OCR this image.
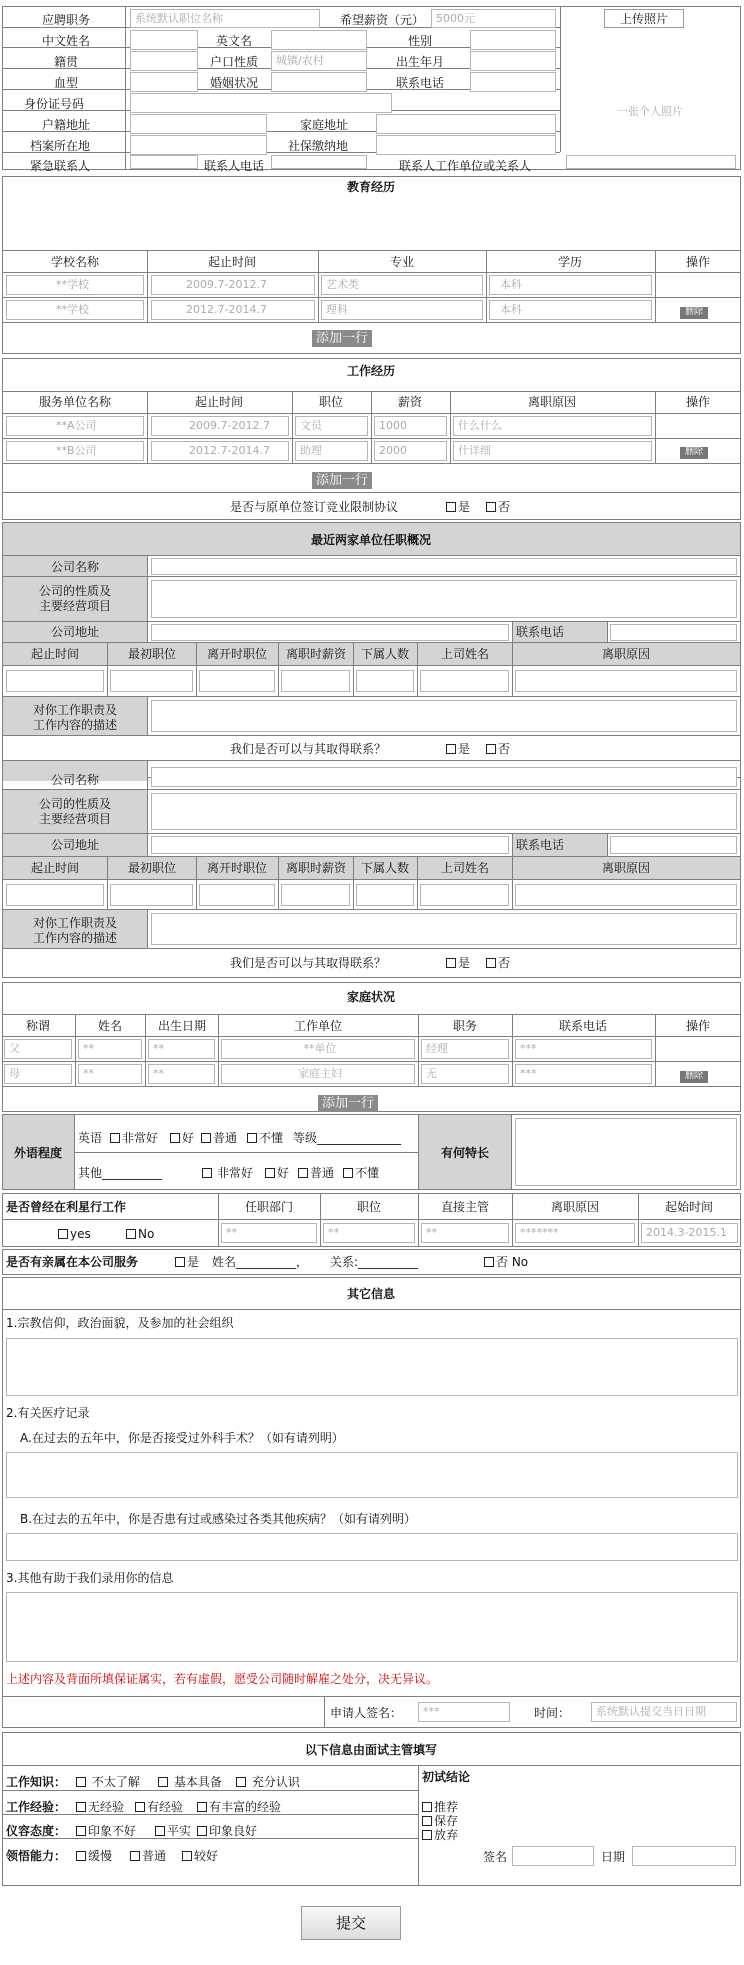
应聘职务	系统默认职位名称	希望薪资（元）	5000元	上传照片
中文姓名	英文名	性别
籍贯	户口性质	城镇/农村	出生年月
血型	婚姻状况	联系电话
身份证号码
户籍地址	家庭地址
档案所在地	社保缴纳地
紧急联系人	联系人电话	联系人工作单位或关系人
一张个人照片
教育经历
学校名称	起止时间	专业	学历	操作
**学校	2009.7-2012.7	艺术类	本科
**学校	2012.7-2014.7	理科	本科	删除
添加一行
工作经历
服务单位名称	起止时间	职位	薪资	离职原因	操作
**A公司	2009.7-2012.7	文员	1000	什么什么
**B公司	2012.7-2014.7	助理	2000	什详细	删除
添加一行
是否与原单位签订竞业限制协议	是	否
最近两家单位任职概况
公司名称
公司的性质及
主要经营项目
公司地址	联系电话
起止时间	最初职位	离开时职位 离职时薪资 下属人数	上司姓名	离职原因
对你工作职责及
工作内容的描述
我们是否可以与其取得联系？	是	否
公司名称
公司的性质及
主要经营项目
公司地址	联系电话
起止时间	最初职位	离开时职位 离职时薪资 下属人数	上司姓名	离职原因
对你工作职责及
工作内容的描述
我们是否可以与其取得联系？	是	否
家庭状况
称谓	姓名	出生日期	工作单位	职务	联系电话	操作
父	**	**	**单位	经理	***
母	**	**	家庭主妇	无	***	删除
添加一行
外语程度
英语	非常好	好	普通	不懂 等级______________
其他__________	非常好	好	普通	不懂
有何特长
是否曾经在利星行工作	任职部门	职位	直接主管	离职原因	起始时间
yes	No	**	**	**	*******	2014.3-2015.1
是否有亲属在本公司服务	是 姓名__________， 关系:__________	否 No
其它信息
1.宗教信仰，政治面貌，及参加的社会组织
2.有关医疗记录
A.在过去的五年中，你是否接受过外科手术？（如有请列明）
B.在过去的五年中，你是否患有过或感染过各类其他疾病？（如有请列明）
3.其他有助于我们录用你的信息
上述内容及背面所填保证属实，若有虚假，愿受公司随时解雇之处分，决无异议。
申请人签名：	***	时间：	系统默认提交当日日期
以下信息由面试主管填写
工作知识：	不太了解	基本具备	充分认识
工作经验：	无经验	有经验	有丰富的经验
仪容态度：	印象不好	平实	印象良好
领悟能力：	缓慢	普通	较好
初试结论
推荐
保存
放弃
签名	日期
提交
